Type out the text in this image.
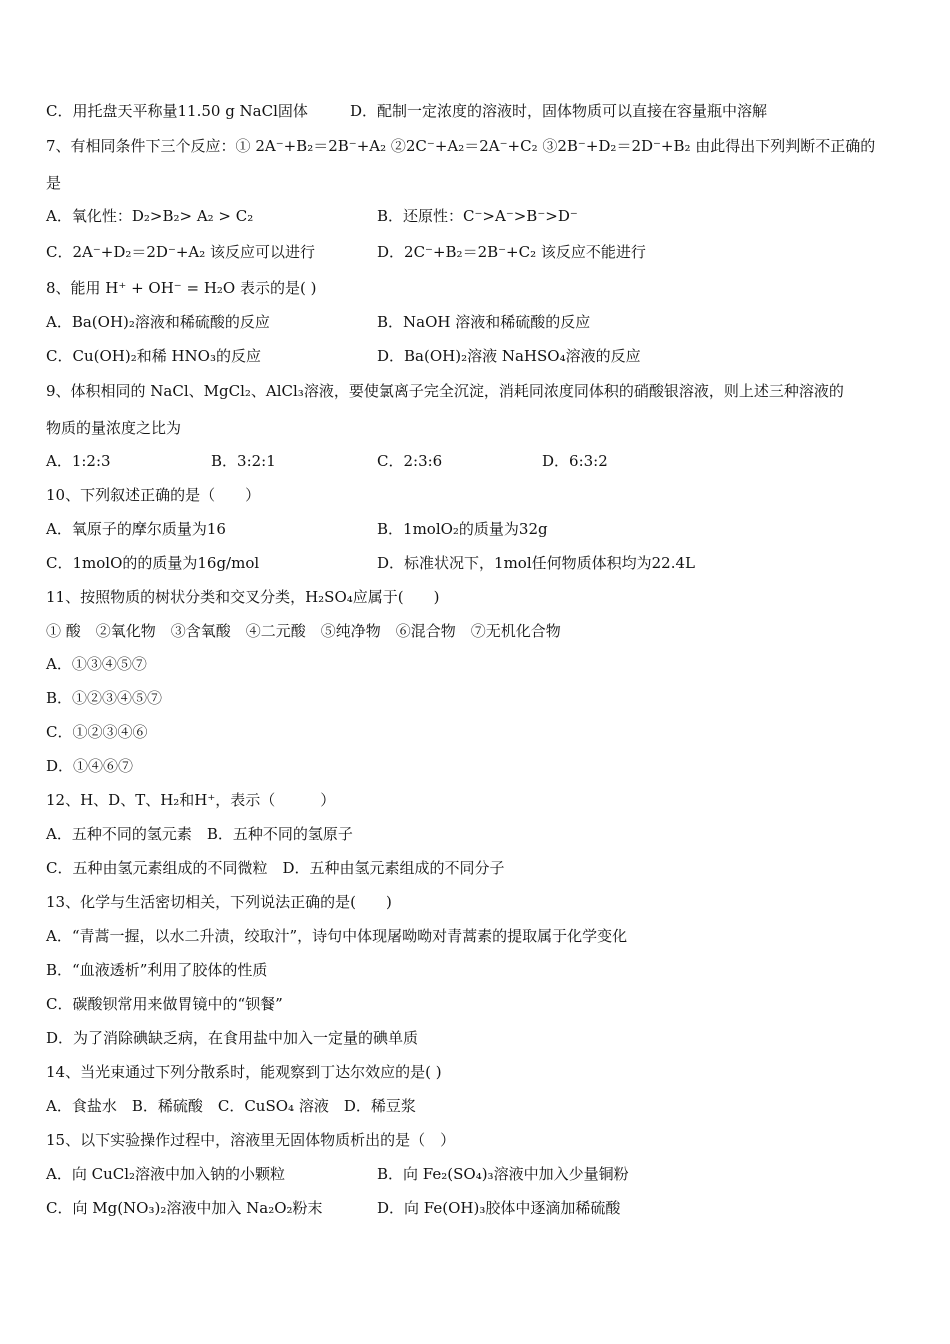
C．用托盘天平称量11.50 g NaCl固体	D．配制一定浓度的溶液时，固体物质可以直接在容量瓶中溶解
7、有相同条件下三个反应：① 2A⁻+B₂＝2B⁻+A₂ ②2C⁻+A₂＝2A⁻+C₂ ③2B⁻+D₂＝2D⁻+B₂ 由此得出下列判断不正确的
是
A．氧化性：D₂>B₂> A₂ > C₂	B．还原性：C⁻>A⁻>B⁻>D⁻
C．2A⁻+D₂＝2D⁻+A₂ 该反应可以进行	D．2C⁻+B₂＝2B⁻+C₂ 该反应不能进行
8、能用 H⁺ + OH⁻ = H₂O 表示的是( )
A．Ba(OH)₂溶液和稀硫酸的反应	B．NaOH 溶液和稀硫酸的反应
C．Cu(OH)₂和稀 HNO₃的反应	D．Ba(OH)₂溶液 NaHSO₄溶液的反应
9、体积相同的 NaCl、MgCl₂、AlCl₃溶液，要使氯离子完全沉淀，消耗同浓度同体积的硝酸银溶液，则上述三种溶液的
物质的量浓度之比为
A．1:2:3	B．3:2:1	C．2:3:6	D．6:3:2
10、下列叙述正确的是（　　）
A．氧原子的摩尔质量为16	B．1molO₂的质量为32g
C．1molO的的质量为16g/mol	D．标准状况下，1mol任何物质体积均为22.4L
11、按照物质的树状分类和交叉分类，H₂SO₄应属于(　　)
① 酸　②氧化物　③含氧酸　④二元酸　⑤纯净物　⑥混合物　⑦无机化合物
A．①③④⑤⑦
B．①②③④⑤⑦
C．①②③④⑥
D．①④⑥⑦
12、H、D、T、H₂和H⁺，表示（　　　）
A．五种不同的氢元素　B．五种不同的氢原子
C．五种由氢元素组成的不同微粒　D．五种由氢元素组成的不同分子
13、化学与生活密切相关，下列说法正确的是(　　)
A．“青蒿一握，以水二升渍，绞取汁”，诗句中体现屠呦呦对青蒿素的提取属于化学变化
B．“血液透析”利用了胶体的性质
C．碳酸钡常用来做胃镜中的“钡餐”
D．为了消除碘缺乏病，在食用盐中加入一定量的碘单质
14、当光束通过下列分散系时，能观察到丁达尔效应的是( )
A．食盐水　B．稀硫酸　C．CuSO₄ 溶液　D．稀豆浆
15、以下实验操作过程中，溶液里无固体物质析出的是（　）
A．向 CuCl₂溶液中加入钠的小颗粒	B．向 Fe₂(SO₄)₃溶液中加入少量铜粉
C．向 Mg(NO₃)₂溶液中加入 Na₂O₂粉末	D．向 Fe(OH)₃胶体中逐滴加稀硫酸
